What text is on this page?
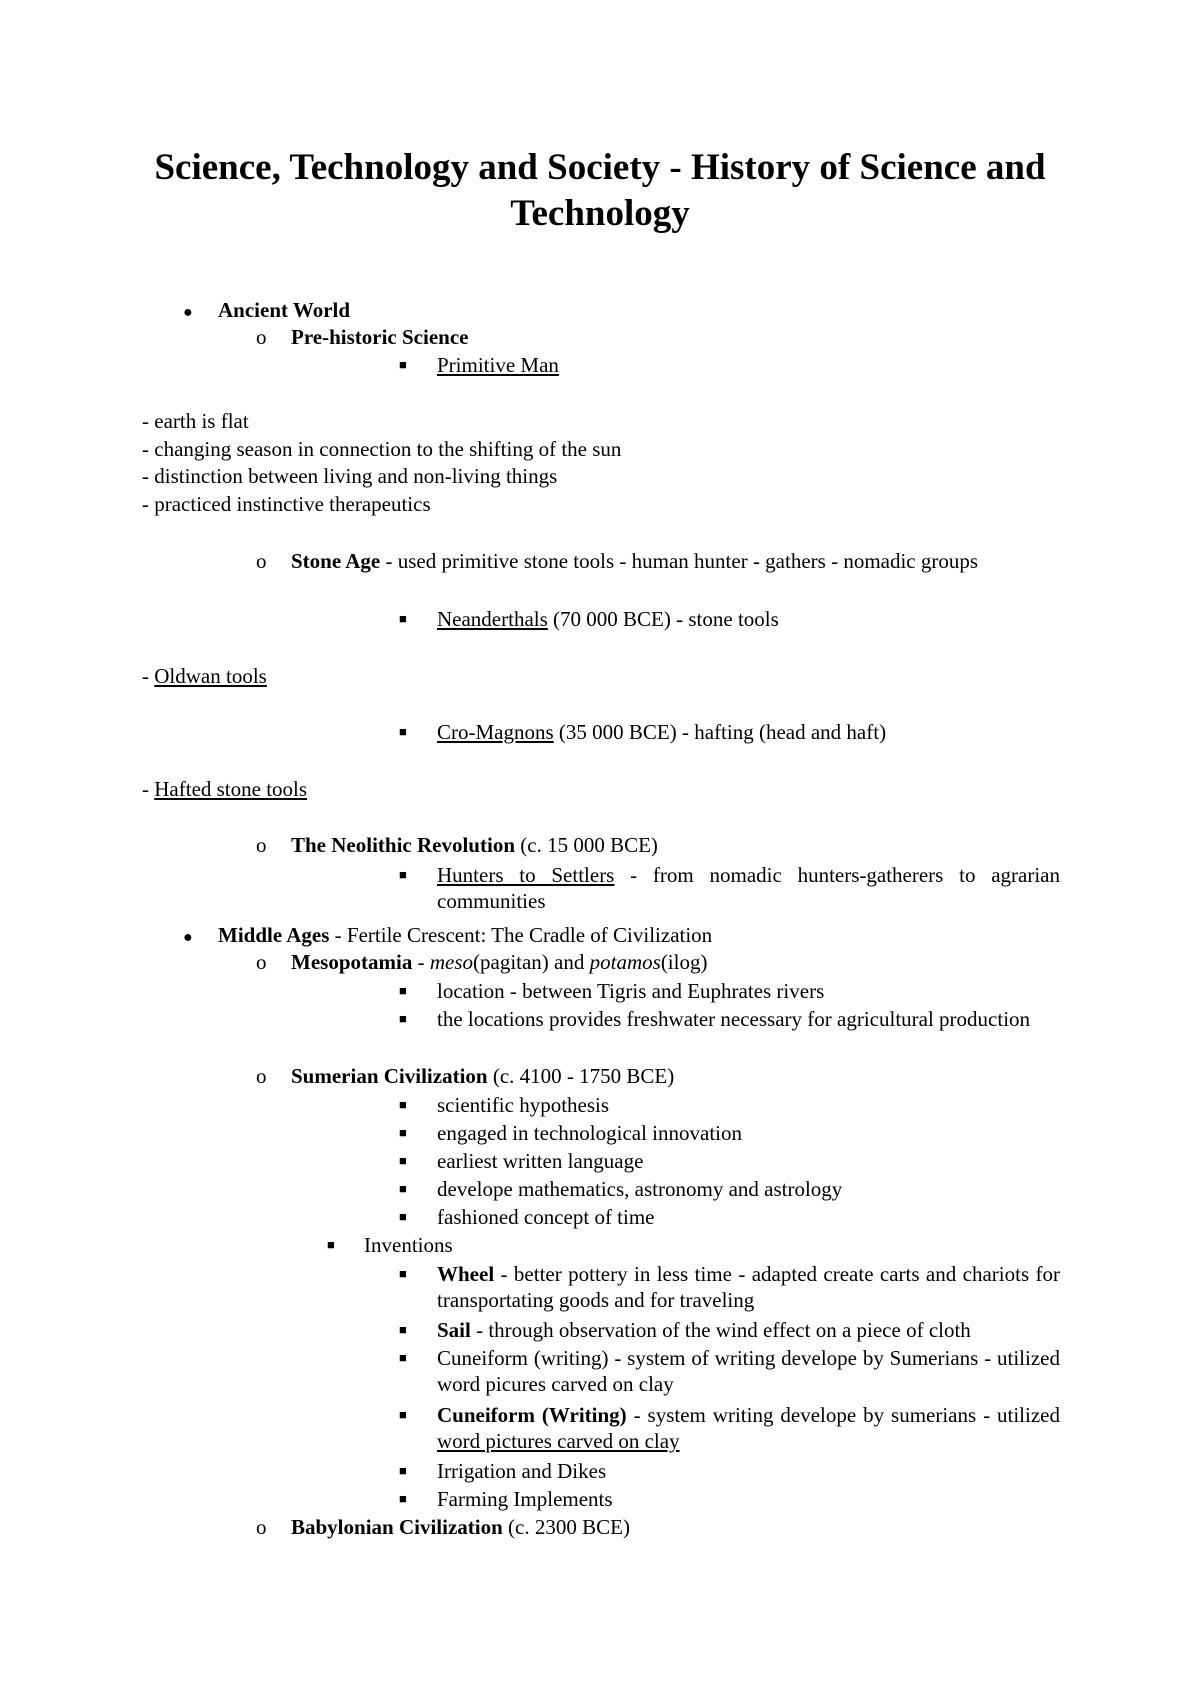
Science, Technology and Society - History of Science and Technology
● Ancient World
o Pre-historic Science
■ Primitive Man
- earth is flat
- changing season in connection to the shifting of the sun
- distinction between living and non-living things
- practiced instinctive therapeutics
o Stone Age - used primitive stone tools - human hunter - gathers - nomadic groups
■ Neanderthals (70 000 BCE) - stone tools
- Oldwan tools
■ Cro-Magnons (35 000 BCE) - hafting (head and haft)
- Hafted stone tools
o The Neolithic Revolution (c. 15 000 BCE)
■ Hunters to Settlers - from nomadic hunters-gatherers to agrarian communities
● Middle Ages - Fertile Crescent: The Cradle of Civilization
o Mesopotamia - meso(pagitan) and potamos(ilog)
■ location - between Tigris and Euphrates rivers
■ the locations provides freshwater necessary for agricultural production
o Sumerian Civilization (c. 4100 - 1750 BCE)
■ scientific hypothesis
■ engaged in technological innovation
■ earliest written language
■ develope mathematics, astronomy and astrology
■ fashioned concept of time
■ Inventions
■ Wheel - better pottery in less time - adapted create carts and chariots for transportating goods and for traveling
■ Sail - through observation of the wind effect on a piece of cloth
■ Cuneiform (writing) - system of writing develope by Sumerians - utilized word picures carved on clay
■ Cuneiform (Writing) - system writing develope by sumerians - utilized word pictures carved on clay
■ Irrigation and Dikes
■ Farming Implements
o Babylonian Civilization (c. 2300 BCE)
